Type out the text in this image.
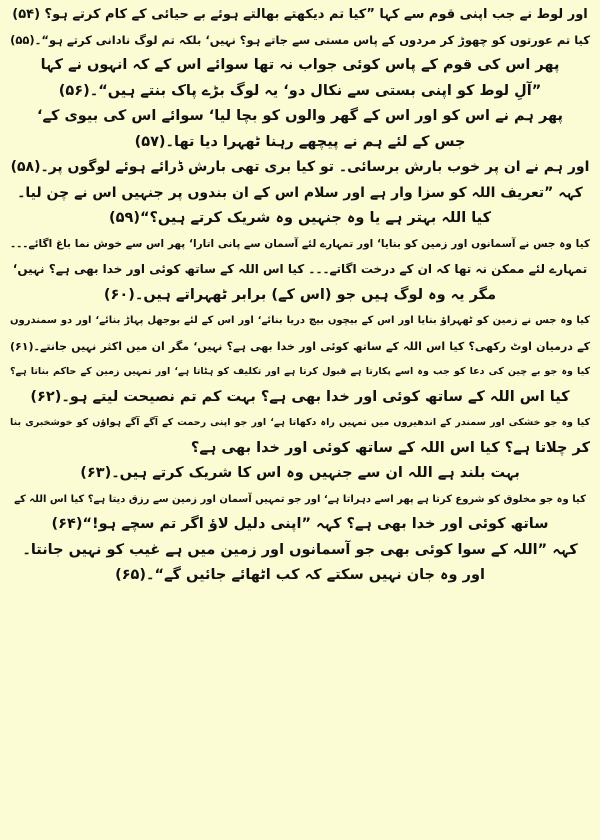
اور لوط نے جب اپنی قوم سے کہا ”کیا تم دیکھتے بھالتے ہوئے بے حیائی کے کام کرتے ہو؟ (۵۴)
کیا تم عورتوں کو چھوڑ کر مردوں کے پاس مستی سے جاتے ہو؟ نہیں‘ بلکہ تم لوگ نادانی کرتے ہو“۔(۵۵)
پھر اس کی قوم کے پاس کوئی جواب نہ تھا سوائے اس کے کہ انہوں نے کہا
”آلِ لوط کو اپنی بستی سے نکال دو‘ یہ لوگ بڑے پاک بنتے ہیں“۔(۵۶)
پھر ہم نے اس کو اور اس کے گھر والوں کو بچا لیا‘ سوائے اس کی بیوی کے‘
جس کے لئے ہم نے پیچھے رہنا ٹھہرا دیا تھا۔(۵۷)
اور ہم نے ان پر خوب بارش برسائی۔ تو کیا بری تھی بارش ڈرائے ہوئے لوگوں پر۔(۵۸)
کہہ ”تعریف اللہ کو سزا وار ہے اور سلام اس کے ان بندوں پر جنہیں اس نے چن لیا۔
کیا اللہ بہتر ہے یا وہ جنہیں وہ شریک کرتے ہیں؟“(۵۹)
کیا وہ جس نے آسمانوں اور زمین کو بنایا‘ اور تمہارے لئے آسمان سے پانی اتارا‘ پھر اس سے خوش نما باغ اگائے۔۔۔
تمہارے لئے ممکن نہ تھا کہ ان کے درخت اگاتے۔۔۔ کیا اس اللہ کے ساتھ کوئی اور خدا بھی ہے؟ نہیں‘
مگر یہ وہ لوگ ہیں جو (اس کے) برابر ٹھہراتے ہیں۔(۶۰)
کیا وہ جس نے زمین کو ٹھہراؤ بنایا اور اس کے بیچوں بیچ دریا بنائے‘ اور اس کے لئے بوجھل پہاڑ بنائے‘ اور دو سمندروں
کے درمیان اوٹ رکھی؟ کیا اس اللہ کے ساتھ کوئی اور خدا بھی ہے؟ نہیں‘ مگر ان میں اکثر نہیں جانتے۔(۶۱)
کیا وہ جو بے چین کی دعا کو جب وہ اسے پکارتا ہے قبول کرتا ہے اور تکلیف کو ہٹاتا ہے‘ اور تمہیں زمین کے حاکم بناتا ہے؟
کیا اس اللہ کے ساتھ کوئی اور خدا بھی ہے؟ بہت کم تم نصیحت لیتے ہو۔(۶۲)
کیا وہ جو خشکی اور سمندر کے اندھیروں میں تمہیں راہ دکھاتا ہے‘ اور جو اپنی رحمت کے آگے آگے ہواؤں کو خوشخبری بنا
کر چلاتا ہے؟ کیا اس اللہ کے ساتھ کوئی اور خدا بھی ہے؟
بہت بلند ہے اللہ ان سے جنہیں وہ اس کا شریک کرتے ہیں۔(۶۳)
کیا وہ جو مخلوق کو شروع کرتا ہے پھر اسے دہراتا ہے‘ اور جو تمہیں آسمان اور زمین سے رزق دیتا ہے؟ کیا اس اللہ کے
ساتھ کوئی اور خدا بھی ہے؟ کہہ ”اپنی دلیل لاؤ اگر تم سچے ہو!“(۶۴)
کہہ ”اللہ کے سوا کوئی بھی جو آسمانوں اور زمین میں ہے غیب کو نہیں جانتا۔
اور وہ جان نہیں سکتے کہ کب اٹھائے جائیں گے“۔(۶۵)
